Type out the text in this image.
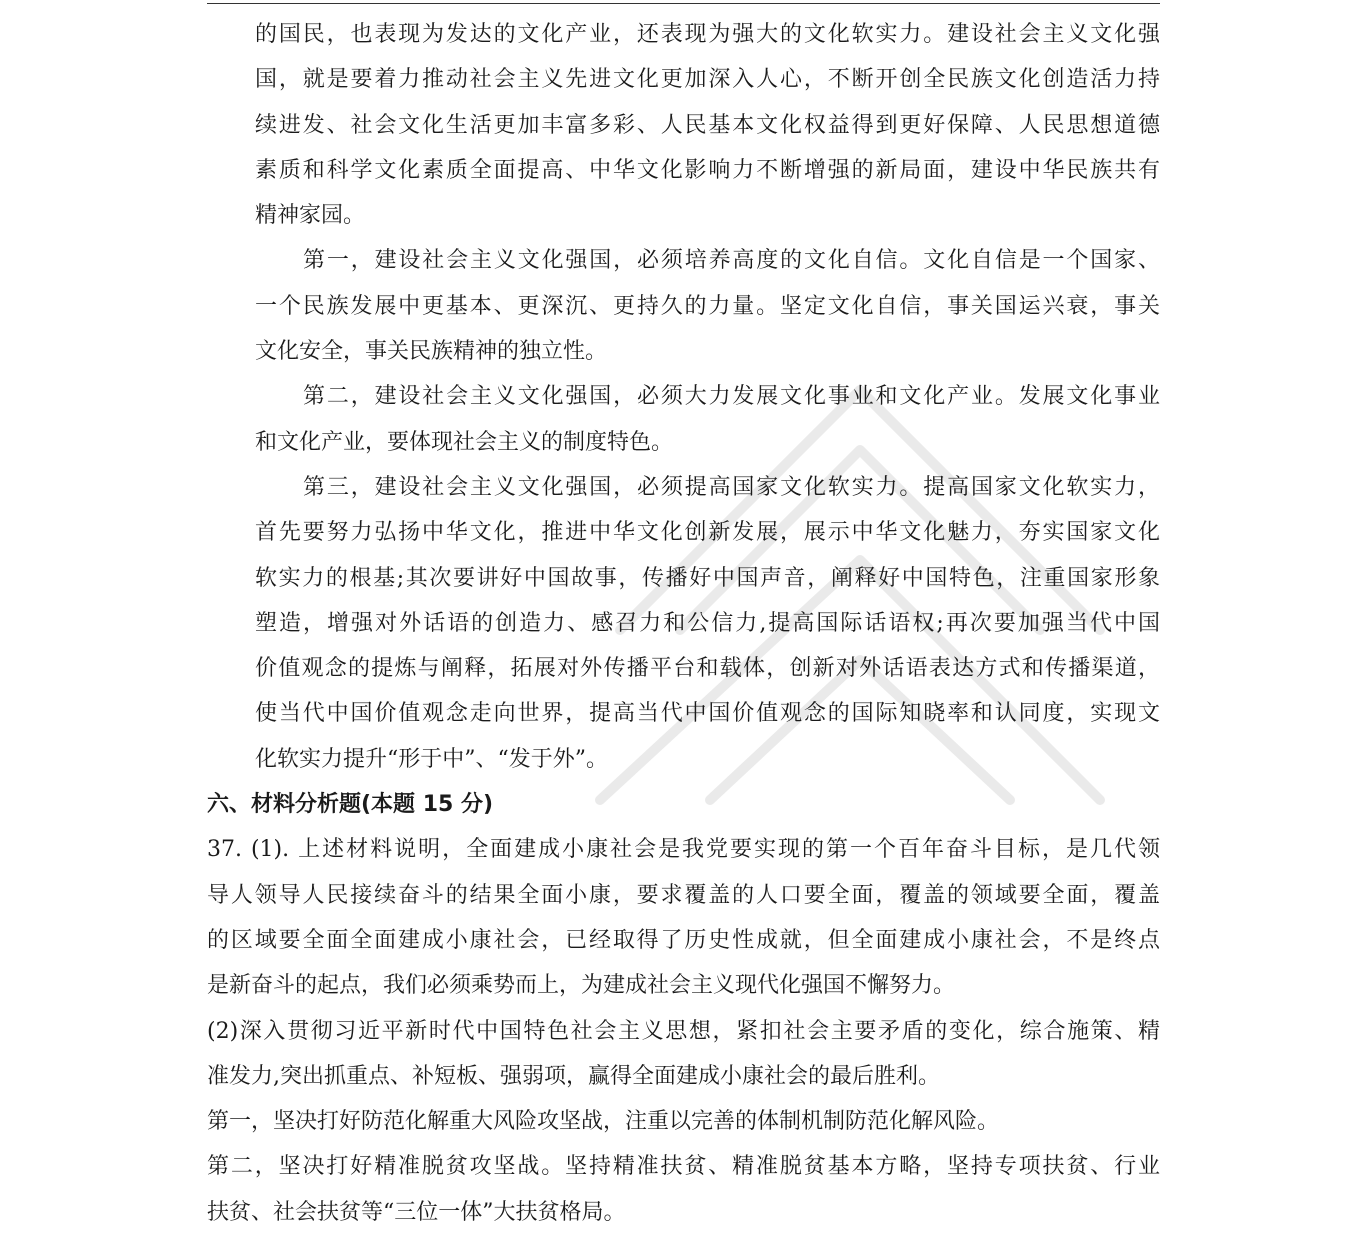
的国民，也表现为发达的文化产业，还表现为强大的文化软实力。建设社会主义文化强
国，就是要着力推动社会主义先进文化更加深入人心，不断开创全民族文化创造活力持
续进发、社会文化生活更加丰富多彩、人民基本文化权益得到更好保障、人民思想道德
素质和科学文化素质全面提高、中华文化影响力不断增强的新局面，建设中华民族共有
精神家园。
第一，建设社会主义文化强国，必须培养高度的文化自信。文化自信是一个国家、
一个民族发展中更基本、更深沉、更持久的力量。坚定文化自信，事关国运兴衰，事关
文化安全，事关民族精神的独立性。
第二，建设社会主义文化强国，必须大力发展文化事业和文化产业。发展文化事业
和文化产业，要体现社会主义的制度特色。
第三，建设社会主义文化强国，必须提高国家文化软实力。提高国家文化软实力，
首先要努力弘扬中华文化，推进中华文化创新发展，展示中华文化魅力，夯实国家文化
软实力的根基;其次要讲好中国故事，传播好中国声音，阐释好中国特色，注重国家形象
塑造，增强对外话语的创造力、感召力和公信力,提高国际话语权;再次要加强当代中国
价值观念的提炼与阐释，拓展对外传播平台和载体，创新对外话语表达方式和传播渠道，
使当代中国价值观念走向世界，提高当代中国价值观念的国际知晓率和认同度，实现文
化软实力提升“形于中”、“发于外”。
六、材料分析题(本题 15 分)
37. (1). 上述材料说明，全面建成小康社会是我党要实现的第一个百年奋斗目标，是几代领
导人领导人民接续奋斗的结果全面小康，要求覆盖的人口要全面，覆盖的领域要全面，覆盖
的区域要全面全面建成小康社会，已经取得了历史性成就，但全面建成小康社会，不是终点
是新奋斗的起点，我们必须乘势而上，为建成社会主义现代化强国不懈努力。
(2)深入贯彻习近平新时代中国特色社会主义思想，紧扣社会主要矛盾的变化，综合施策、精
准发力,突出抓重点、补短板、强弱项，赢得全面建成小康社会的最后胜利。
第一，坚决打好防范化解重大风险攻坚战，注重以完善的体制机制防范化解风险。
第二，坚决打好精准脱贫攻坚战。坚持精准扶贫、精准脱贫基本方略，坚持专项扶贫、行业
扶贫、社会扶贫等“三位一体”大扶贫格局。
